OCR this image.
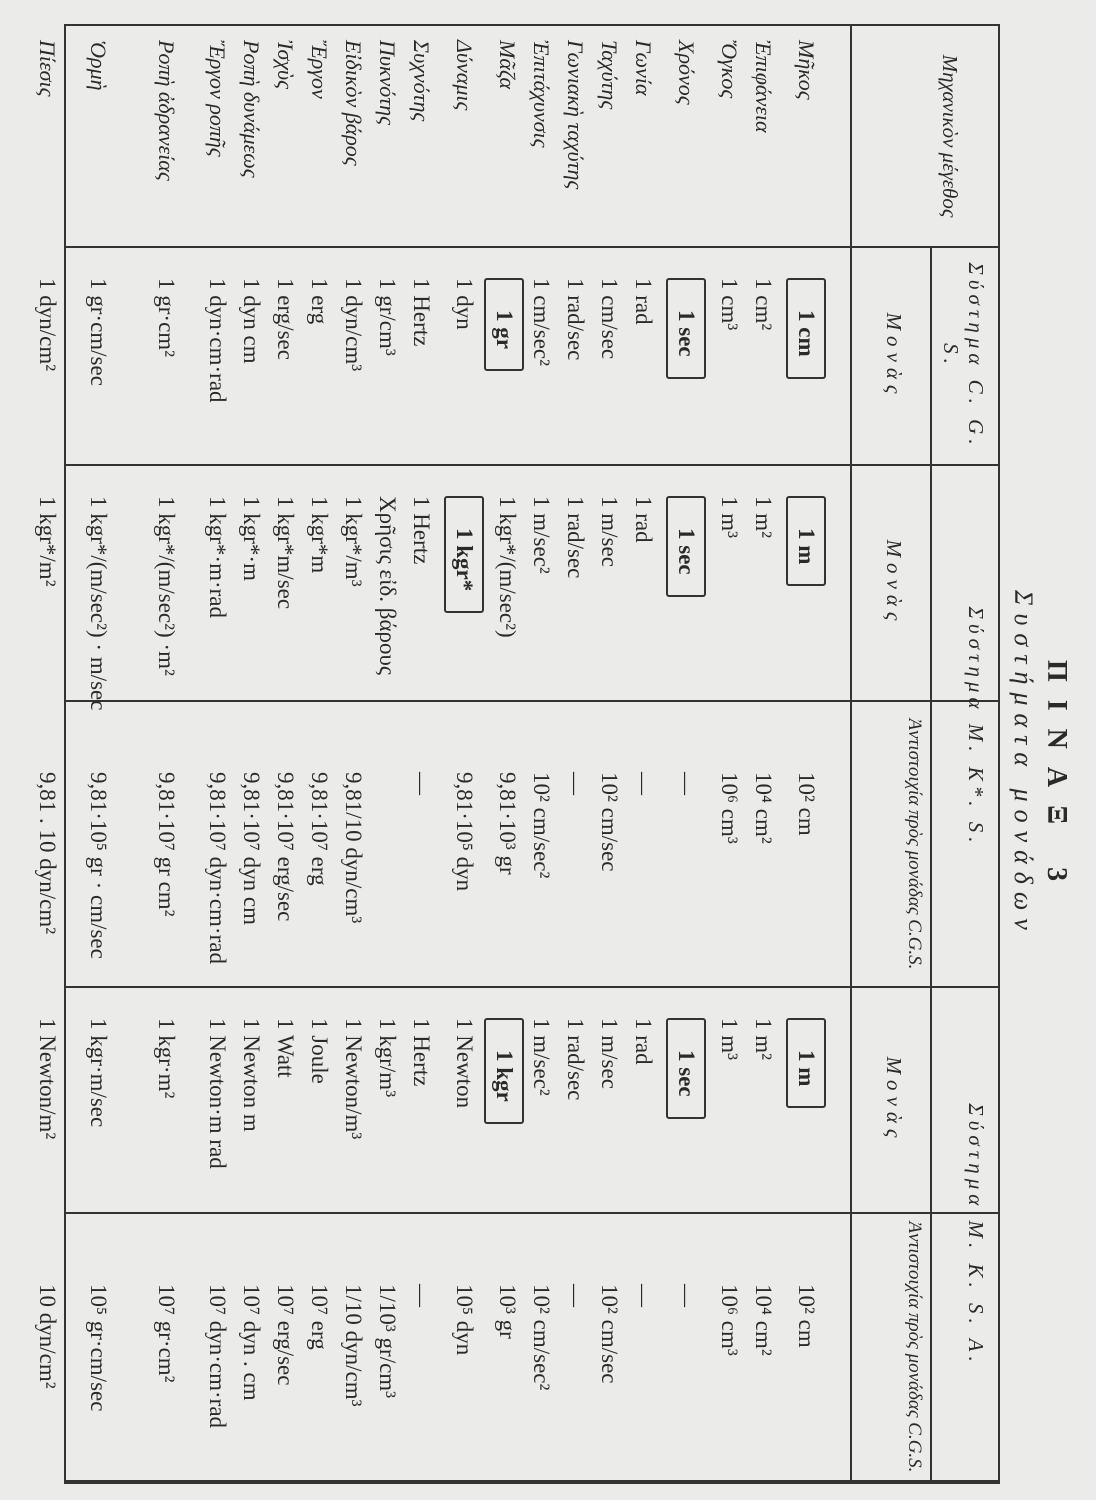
ΠΙΝΑΞ 3
Συστήματα μονάδων
Μηχανικὸν μέγεθος
Μῆκος
Ἐπιφάνεια
Ὄγκος
Χρόνος
Γωνία
Ταχύτης
Γωνιακὴ ταχύτης
Ἐπιτάχυνσις
Μᾶζα
Δύναμις
Συχνότης
Πυκνότης
Εἰδικὸν βάρος
Ἔργον
Ἰσχὺς
Ροπὴ δυνάμεως
Ἔργον ροπῆς
Ροπὴ ἀδρανείας
Ὁρμὴ
Πίεσις
Σύστημα C. G. S.
Μονὰς
1 cm
1 cm²
1 cm³
1 sec
1 rad
1 cm/sec
1 rad/sec
1 cm/sec²
1 gr
1 dyn
1 Hertz
1 gr/cm³
1 dyn/cm³
1 erg
1 erg/sec
1 dyn cm
1 dyn·cm·rad
1 gr·cm²
1 gr·cm/sec
1 dyn/cm²
Μονὰς
1 m
1 m²
1 m³
1 sec
1 rad
1 m/sec
1 rad/sec
1 m/sec²
1 kgr*/(m/sec²)
1 kgr*
1 Hertz
Χρῆσις εἰδ. βάρους
1 kgr*/m³
1 kgr*m
1 kgr*m/sec
1 kgr*·m
1 kgr*·m·rad
1 kgr*/(m/sec²) ·m²
1 kgr*/(m/sec²) · m/sec
1 kgr*/m²
Ἀντιστοιχία πρὸς μονάδας C.G.S.
10² cm
10⁴ cm²
10⁶ cm³
—
—
10² cm/sec
—
10² cm/sec²
9,81·10³ gr
9,81·10⁵ dyn
—
9,81/10 dyn/cm³
9,81·10⁷ erg
9,81·10⁷ erg/sec
9,81·10⁷ dyn cm
9,81·10⁷ dyn·cm·rad
9,81·10⁷ gr cm²
9,81·10⁵ gr · cm/sec
9,81 . 10 dyn/cm²
Μονὰς
1 m
1 m²
1 m³
1 sec
1 rad
1 m/sec
1 rad/sec
1 m/sec²
1 kgr
1 Newton
1 Hertz
1 kgr/m³
1 Newton/m³
1 Joule
1 Watt
1 Newton m
1 Newton·m rad
1 kgr·m²
1 kgr·m/sec
1 Newton/m²
Ἀντιστοιχία πρὸς μονάδας C.G.S.
10² cm
10⁴ cm²
10⁶ cm³
—
—
10² cm/sec
—
10² cm/sec²
10³ gr
10⁵ dyn
—
1/10³ gr/cm³
1/10 dyn/cm³
10⁷ erg
10⁷ erg/sec
10⁷ dyn . cm
10⁷ dyn·cm·rad
10⁷ gr·cm²
10⁵ gr·cm/sec
10 dyn/cm²
Σύστημα M. K*. S.
Σύστημα M. K. S. A.
